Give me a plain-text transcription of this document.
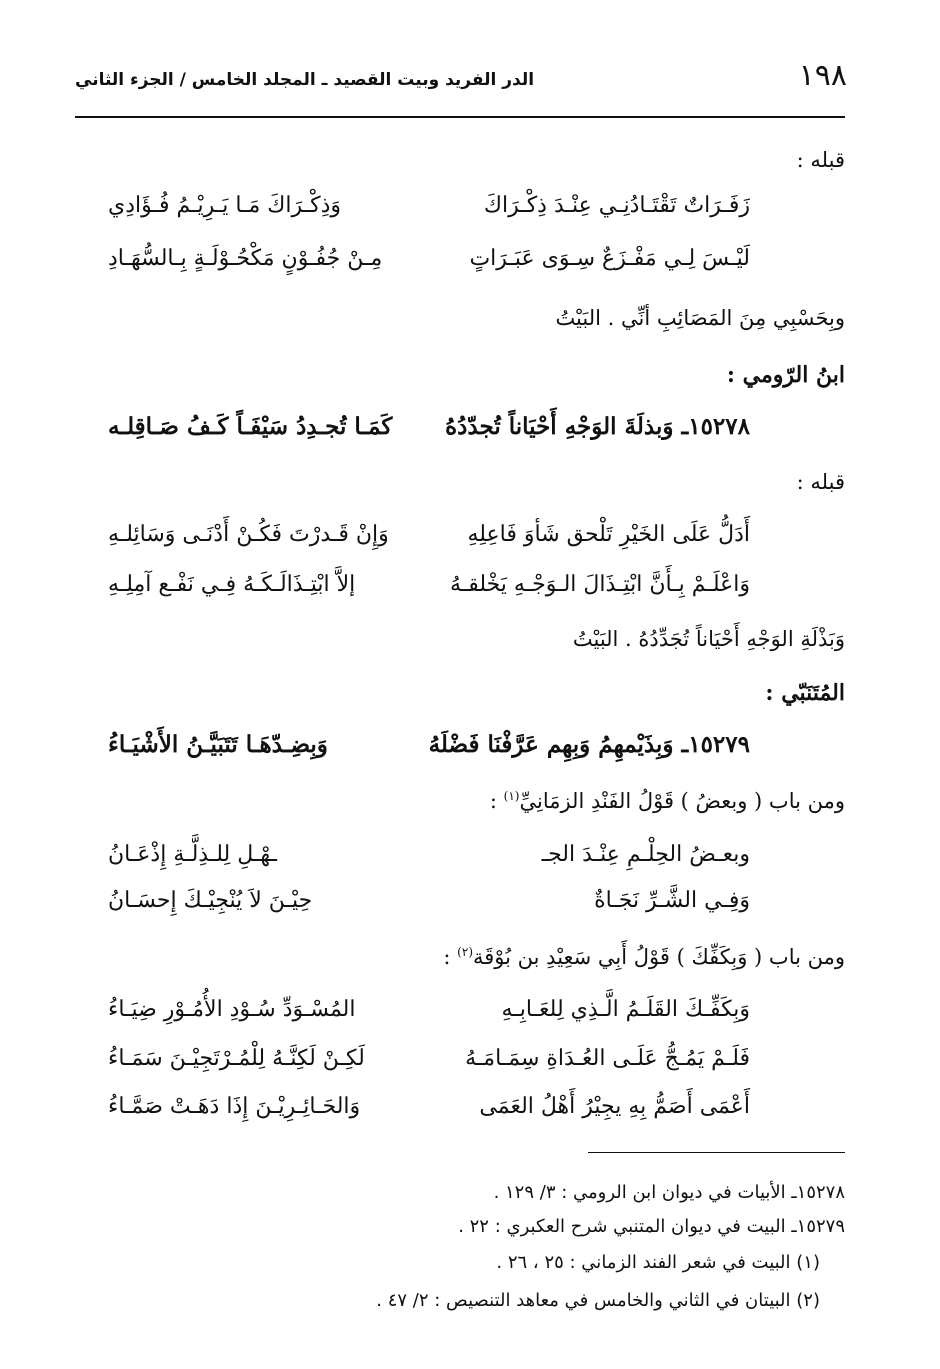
١٩٨
الدر الفريد وبيت القصيد ـ المجلد الخامس / الجزء الثاني
قبله :
زَفَـرَاتٌ تَقْتَـادُنِـي عِنْـدَ ذِكْـرَاكَ
وَذِكْـرَاكَ مَـا يَـرِيْـمُ فُـؤَادِي
لَيْـسَ لِـي مَفْـزَعٌ سِـوَى عَبَـرَاتٍ
مِـنْ جُفُـوْنٍ مَكْحُـوْلَـةٍ بِـالسُّهَـادِ
وبِحَسْبِي مِنَ المَصَائِبِ أنِّي . البَيْتُ
ابنُ الرّومي :
١٥٢٧٨ـ وَبذلَةَ الوَجْهِ أَحْيَاناً تُجدّدُهُ
كَمَـا تُجـدِدُ سَيْفَـاً كَـفُ صَـاقِلـه
قبله :
أَدَلُّ عَلَى الخَيْرِ تَلْحق شَأوَ فَاعِلِهِ
وَإِنْ قَـدرْتَ فَكُـنْ أَدْنَـى وَسَائِلـهِ
وَاعْلَـمْ بِـأَنَّ ابْتِـذَالَ الـوَجْـهِ يَخْلقـهُ
إلاَّ ابْتِـذَالَـكَـهُ فِـي نَفْـع آمِلِـهِ
وَبَذْلَةِ الوَجْهِ أَحْيَاناً تُجَدِّدُهُ . البَيْتُ
المُتَنَبّي :
١٥٢٧٩ـ وَبِذَيْمهِمُ وَبِهِم عَرَّفْنَا فَضْلَهُ
وَبِضِـدّهَـا تَتَبَيَّـنُ الأَشْيَـاءُ
ومن باب ( وبعضُ ) قَوْلُ الفَنْدِ الزمَانِيِّ$^{(١)}$ :
وبعـضُ الحِلْـمِ عِنْـدَ الجـ
ـهْـلِ لِلـذِلَّـةِ إِذْعَـانُ
وَفِـي الشَّـرِّ نَجَـاةٌ
حِيْـنَ لاَ يُنْجِيْـكَ إِحسَـانُ
ومن باب ( وَبِكَفِّكَ ) قَوْلُ أَبِي سَعِيْدِ بن بُوْقَة$^{(٢)}$ :
وَبِكَفِّـكَ القَلَـمُ الَّـذِي لِلعَـابِـهِ
المُسْـوَدِّ سُـوْدِ الأُمُـوْرِ ضِيَـاءُ
فَلَـمْ يَمُـجُّ عَلَـى العُـدَاةِ سِمَـامَـهُ
لَكِـنْ لَكِنَّـهُ لِلْمُـرْتَجِيْـنَ سَمَـاءُ
أَعْمَى أَصَمُّ بِهِ يجِيْرُ أَهْلُ العَمَى
وَالحَـائِـرِيْـنَ إِذَا دَهَـتْ صَمَّـاءُ
١٥٢٧٨ـ الأبيات في ديوان ابن الرومي : ٣/ ١٢٩ .
١٥٢٧٩ـ البيت في ديوان المتنبي شرح العكبري : ٢٢ .
(١) البيت في شعر الفند الزماني : ٢٥ ، ٢٦ .
(٢) البيتان في الثاني والخامس في معاهد التنصيص : ٢/ ٤٧ .
